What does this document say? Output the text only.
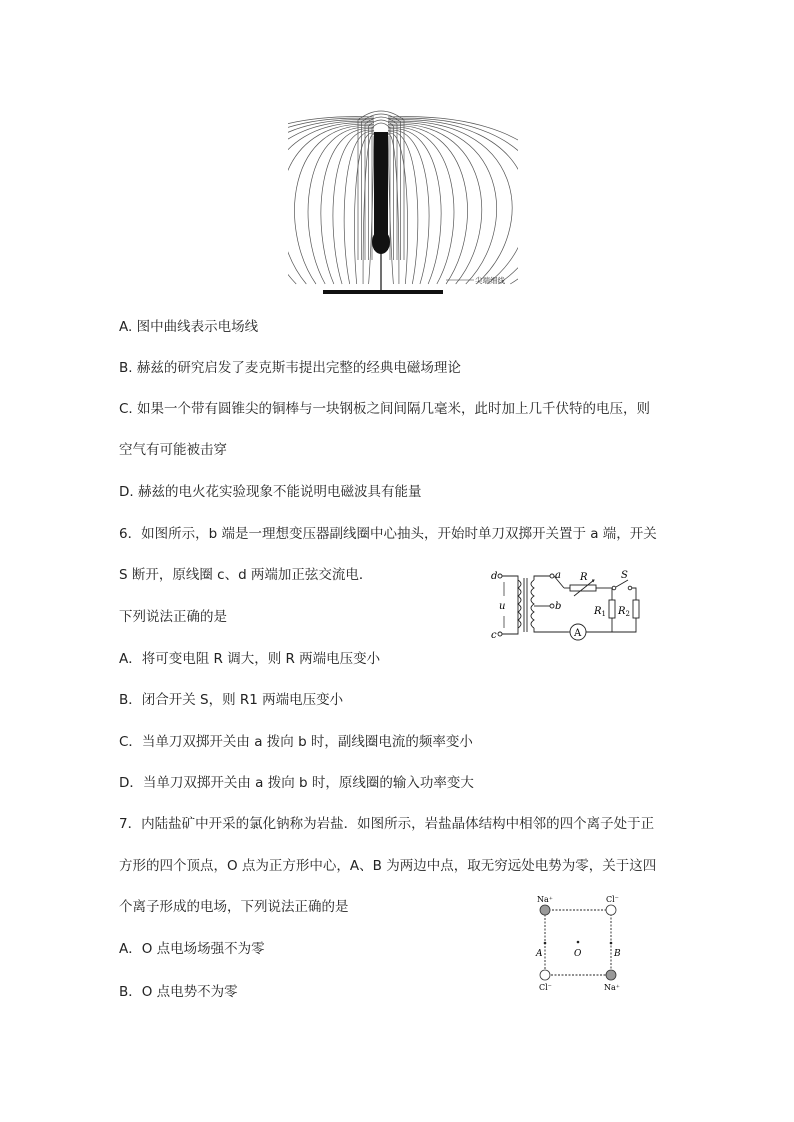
尖端细线
A. 图中曲线表示电场线
B. 赫兹的研究启发了麦克斯韦提出完整的经典电磁场理论
C. 如果一个带有圆锥尖的铜棒与一块钢板之间间隔几毫米，此时加上几千伏特的电压，则
空气有可能被击穿
D. 赫兹的电火花实验现象不能说明电磁波具有能量
6．如图所示，b 端是一理想变压器副线圈中心抽头，开始时单刀双掷开关置于 a 端，开关
S 断开，原线圈 c、d 两端加正弦交流电．
下列说法正确的是
d
c
u
a
b
R	S
$R_1$ $R_2$
A
A．将可变电阻 R 调大，则 R 两端电压变小
B．闭合开关 S，则 R1 两端电压变小
C．当单刀双掷开关由 a 拨向 b 时，副线圈电流的频率变小
D．当单刀双掷开关由 a 拨向 b 时，原线圈的输入功率变大
7．内陆盐矿中开采的氯化钠称为岩盐．如图所示，岩盐晶体结构中相邻的四个离子处于正
方形的四个顶点，O 点为正方形中心，A、B 为两边中点，取无穷远处电势为零，关于这四
个离子形成的电场，下列说法正确的是	Na⁺	Cl⁻
Cl⁻	Na⁺
A	B
O
A．O 点电场场强不为零
B．O 点电势不为零
